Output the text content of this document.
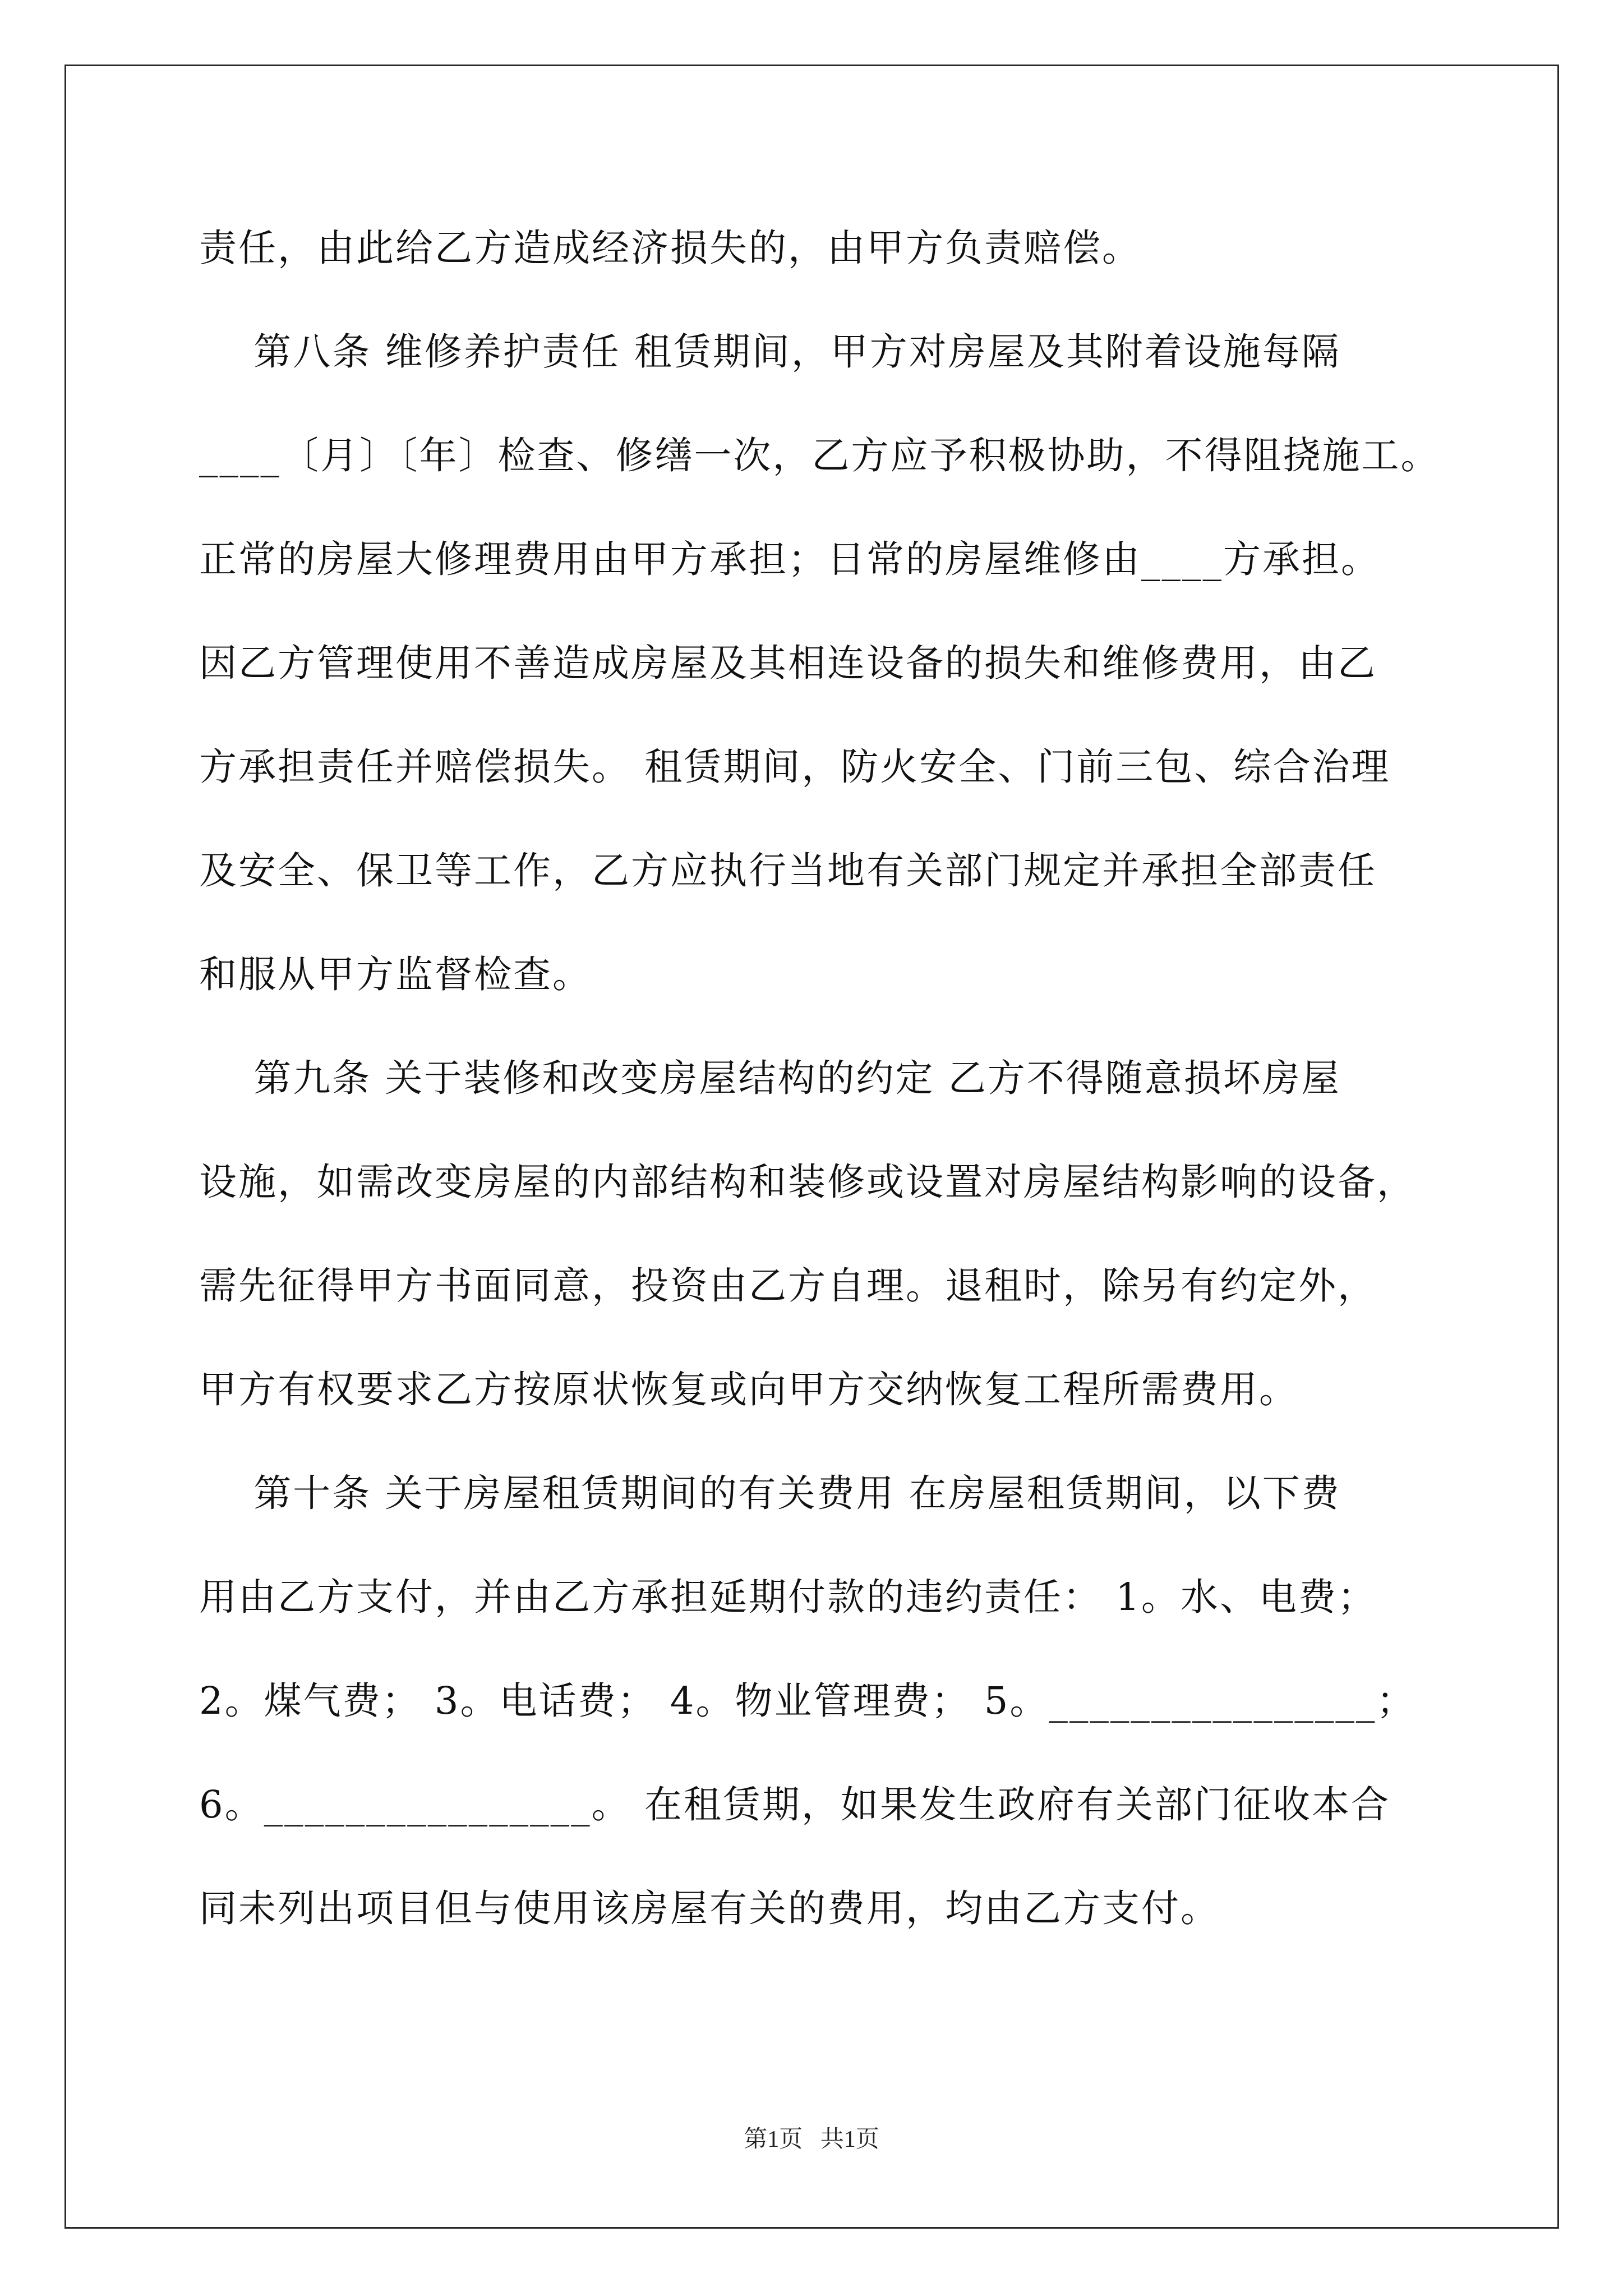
责任，由此给乙方造成经济损失的，由甲方负责赔偿。
第八条 维修养护责任 租赁期间，甲方对房屋及其附着设施每隔
____〔月〕〔年〕检查、修缮一次，乙方应予积极协助，不得阻挠施工。
正常的房屋大修理费用由甲方承担；日常的房屋维修由____方承担。
因乙方管理使用不善造成房屋及其相连设备的损失和维修费用，由乙
方承担责任并赔偿损失。 租赁期间，防火安全、门前三包、综合治理
及安全、保卫等工作，乙方应执行当地有关部门规定并承担全部责任
和服从甲方监督检查。
第九条 关于装修和改变房屋结构的约定 乙方不得随意损坏房屋
设施，如需改变房屋的内部结构和装修或设置对房屋结构影响的设备，
需先征得甲方书面同意，投资由乙方自理。退租时，除另有约定外，
甲方有权要求乙方按原状恢复或向甲方交纳恢复工程所需费用。
第十条 关于房屋租赁期间的有关费用 在房屋租赁期间，以下费
用由乙方支付，并由乙方承担延期付款的违约责任： 1。水、电费；
2。煤气费； 3。电话费； 4。物业管理费； 5。________________；
6。________________。 在租赁期，如果发生政府有关部门征收本合
同未列出项目但与使用该房屋有关的费用，均由乙方支付。
第1页   共1页
